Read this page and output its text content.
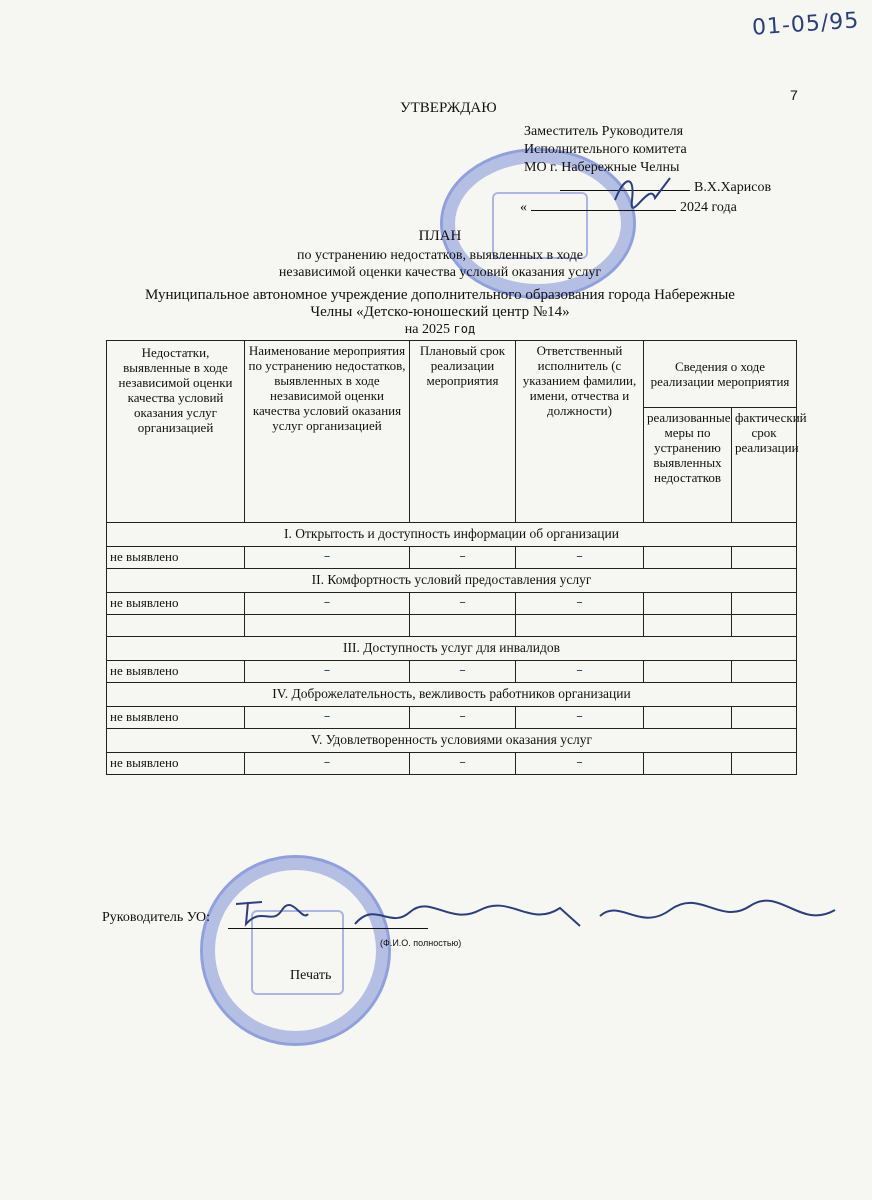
01-05/95
7
УТВЕРЖДАЮ
Заместитель Руководителя
Исполнительного комитета
МО г. Набережные Челны
В.Х.Харисов
«	2024 года
ПЛАН
по устранению недостатков, выявленных в ходе
независимой оценки качества условий оказания услуг
Муниципальное автономное учреждение дополнительного образования города Набережные
Челны «Детско-юношеский центр №14»
на 2025 год
Недостатки, выявленные в ходе независимой оценки качества условий оказания услуг организацией	Наименование мероприятия по устранению недостатков, выявленных в ходе независимой оценки качества условий оказания услуг организацией	Плановый срок реализации мероприятия	Ответственный исполнитель (с указанием фамилии, имени, отчества и должности)	Сведения о ходе реализации мероприятия	
				реализованные меры по устранению выявленных недостатков	фактический срок реализации
I. Открытость и доступность информации об организации					
не выявлено	–	–	–		
II. Комфортность условий предоставления услуг					
не выявлено	–	–	–		

III. Доступность услуг для инвалидов					
не выявлено	–	–	–		
IV. Доброжелательность, вежливость работников организации					
не выявлено	–	–	–		
V. Удовлетворенность условиями оказания услуг					
не выявлено	–	–	–		
Руководитель УО:
(Ф.И.О. полностью)
Печать
